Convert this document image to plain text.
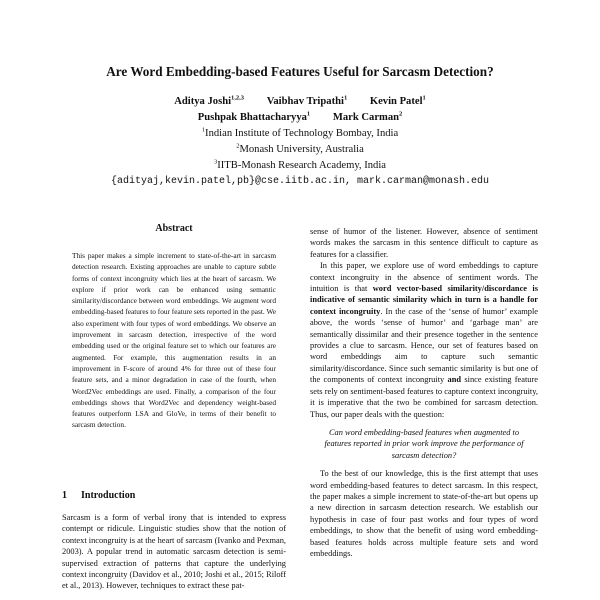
Are Word Embedding-based Features Useful for Sarcasm Detection?
Aditya Joshi$^{1,2,3}$ Vaibhav Tripathi$^1$ Kevin Patel$^1$
Pushpak Bhattacharyya$^1$ Mark Carman$^2$
$^1$Indian Institute of Technology Bombay, India
$^2$Monash University, Australia
$^3$IITB-Monash Research Academy, India
{adityaj,kevin.patel,pb}@cse.iitb.ac.in, mark.carman@monash.edu
Abstract
This paper makes a simple increment to state-of-the-art in sarcasm detection research. Existing approaches are unable to capture subtle forms of context incongruity which lies at the heart of sarcasm. We explore if prior work can be enhanced using semantic similarity/discordance between word embeddings. We augment word embedding-based features to four feature sets reported in the past. We also experiment with four types of word embeddings. We observe an improvement in sarcasm detection, irrespective of the word embedding used or the original feature set to which our features are augmented. For example, this augmentation results in an improvement in F-score of around 4% for three out of these four feature sets, and a minor degradation in case of the fourth, when Word2Vec embeddings are used. Finally, a comparison of the four embeddings shows that Word2Vec and dependency weight-based features outperform LSA and GloVe, in terms of their benefit to sarcasm detection.
1 Introduction
Sarcasm is a form of verbal irony that is intended to express contempt or ridicule. Linguistic studies show that the notion of context incongruity is at the heart of sarcasm (Ivanko and Pexman, 2003). A popular trend in automatic sarcasm detection is semi-supervised extraction of patterns that capture the underlying context incongruity (Davidov et al., 2010; Joshi et al., 2015; Riloff et al., 2013). However, techniques to extract these pat-

sense of humor of the listener. However, absence of sentiment words makes the sarcasm in this sentence difficult to capture as features for a classifier.

In this paper, we explore use of word embeddings to capture context incongruity in the absence of sentiment words. The intuition is that word vector-based similarity/discordance is indicative of semantic similarity which in turn is a handle for context incongruity. In the case of the ‘sense of humor’ example above, the words ‘sense of humor’ and ‘garbage man’ are semantically dissimilar and their presence together in the sentence provides a clue to sarcasm. Hence, our set of features based on word embeddings aim to capture such semantic similarity/discordance. Since such semantic similarity is but one of the components of context incongruity and since existing feature sets rely on sentiment-based features to capture context incongruity, it is imperative that the two be combined for sarcasm detection. Thus, our paper deals with the question:

Can word embedding-based features when augmented to features reported in prior work improve the performance of sarcasm detection?

To the best of our knowledge, this is the first attempt that uses word embedding-based features to detect sarcasm. In this respect, the paper makes a simple increment to state-of-the-art but opens up a new direction in sarcasm detection research. We establish our hypothesis in case of four past works and four types of word embeddings, to show that the benefit of using word embedding-based features holds across multiple feature sets and word embeddings.
